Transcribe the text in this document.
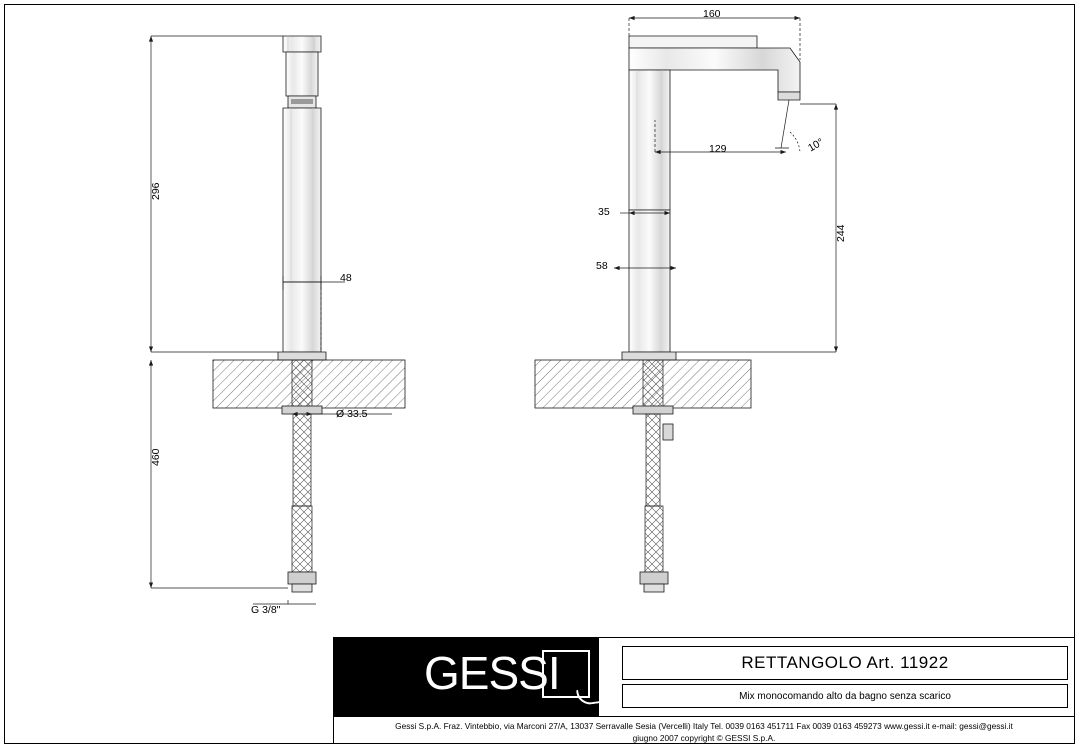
296
48
460
Ø 33.5
G 3/8"
160
129	10°
35
58
244
GESSI	RETTANGOLO Art. 11922
Mix monocomando alto da bagno senza scarico
Gessi S.p.A. Fraz. Vintebbio, via Marconi 27/A, 13037 Serravalle Sesia (Vercelli) Italy Tel. 0039 0163 451711 Fax 0039 0163 459273 www.gessi.it e-mail: gessi@gessi.it
giugno 2007 copyright © GESSI S.p.A.
